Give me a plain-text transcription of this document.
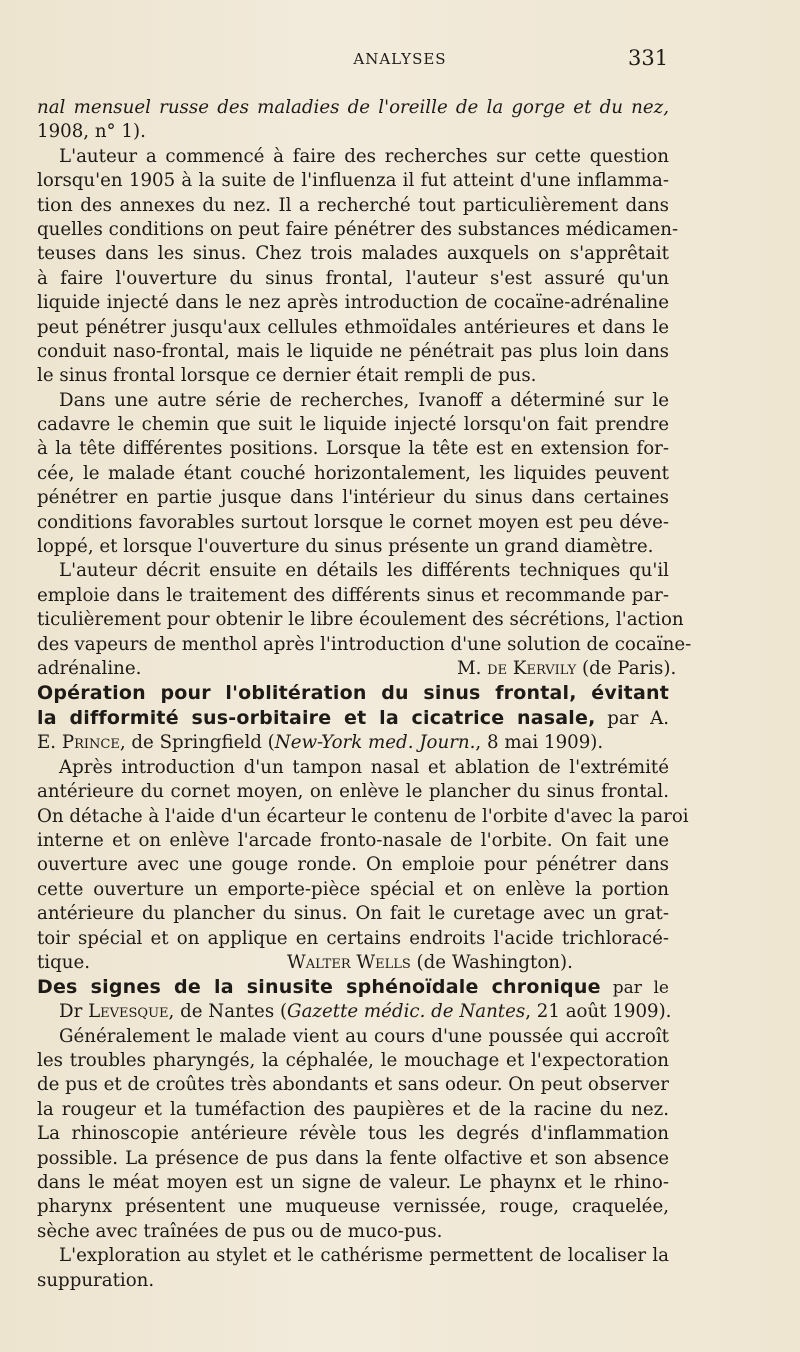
ANALYSES	331
nal mensuel russe des maladies de l'oreille de la gorge et du nez,
1908, n° 1).
L'auteur a commencé à faire des recherches sur cette question
lorsqu'en 1905 à la suite de l'influenza il fut atteint d'une inflamma-
tion des annexes du nez. Il a recherché tout particulièrement dans
quelles conditions on peut faire pénétrer des substances médicamen-
teuses dans les sinus. Chez trois malades auxquels on s'apprêtait
à faire l'ouverture du sinus frontal, l'auteur s'est assuré qu'un
liquide injecté dans le nez après introduction de cocaïne-adrénaline
peut pénétrer jusqu'aux cellules ethmoïdales antérieures et dans le
conduit naso-frontal, mais le liquide ne pénétrait pas plus loin dans
le sinus frontal lorsque ce dernier était rempli de pus.
Dans une autre série de recherches, Ivanoff a déterminé sur le
cadavre le chemin que suit le liquide injecté lorsqu'on fait prendre
à la tête différentes positions. Lorsque la tête est en extension for-
cée, le malade étant couché horizontalement, les liquides peuvent
pénétrer en partie jusque dans l'intérieur du sinus dans certaines
conditions favorables surtout lorsque le cornet moyen est peu déve-
loppé, et lorsque l'ouverture du sinus présente un grand diamètre.
L'auteur décrit ensuite en détails les différents techniques qu'il
emploie dans le traitement des différents sinus et recommande par-
ticulièrement pour obtenir le libre écoulement des sécrétions, l'action
des vapeurs de menthol après l'introduction d'une solution de cocaïne-
adrénaline.	M. de Kervily (de Paris).
Opération pour l'oblitération du sinus frontal, évitant
la difformité sus-orbitaire et la cicatrice nasale, par A.
E. Prince, de Springfield (New-York med. Journ., 8 mai 1909).
Après introduction d'un tampon nasal et ablation de l'extrémité
antérieure du cornet moyen, on enlève le plancher du sinus frontal.
On détache à l'aide d'un écarteur le contenu de l'orbite d'avec la paroi
interne et on enlève l'arcade fronto-nasale de l'orbite. On fait une
ouverture avec une gouge ronde. On emploie pour pénétrer dans
cette ouverture un emporte-pièce spécial et on enlève la portion
antérieure du plancher du sinus. On fait le curetage avec un grat-
toir spécial et on applique en certains endroits l'acide trichloracé-
tique.	Walter Wells (de Washington).
Des signes de la sinusite sphénoïdale chronique par le
Dr Levesque, de Nantes (Gazette médic. de Nantes, 21 août 1909).
Généralement le malade vient au cours d'une poussée qui accroît
les troubles pharyngés, la céphalée, le mouchage et l'expectoration
de pus et de croûtes très abondants et sans odeur. On peut observer
la rougeur et la tuméfaction des paupières et de la racine du nez.
La rhinoscopie antérieure révèle tous les degrés d'inflammation
possible. La présence de pus dans la fente olfactive et son absence
dans le méat moyen est un signe de valeur. Le phaynx et le rhino-
pharynx présentent une muqueuse vernissée, rouge, craquelée,
sèche avec traînées de pus ou de muco-pus.
L'exploration au stylet et le cathérisme permettent de localiser la
suppuration.
